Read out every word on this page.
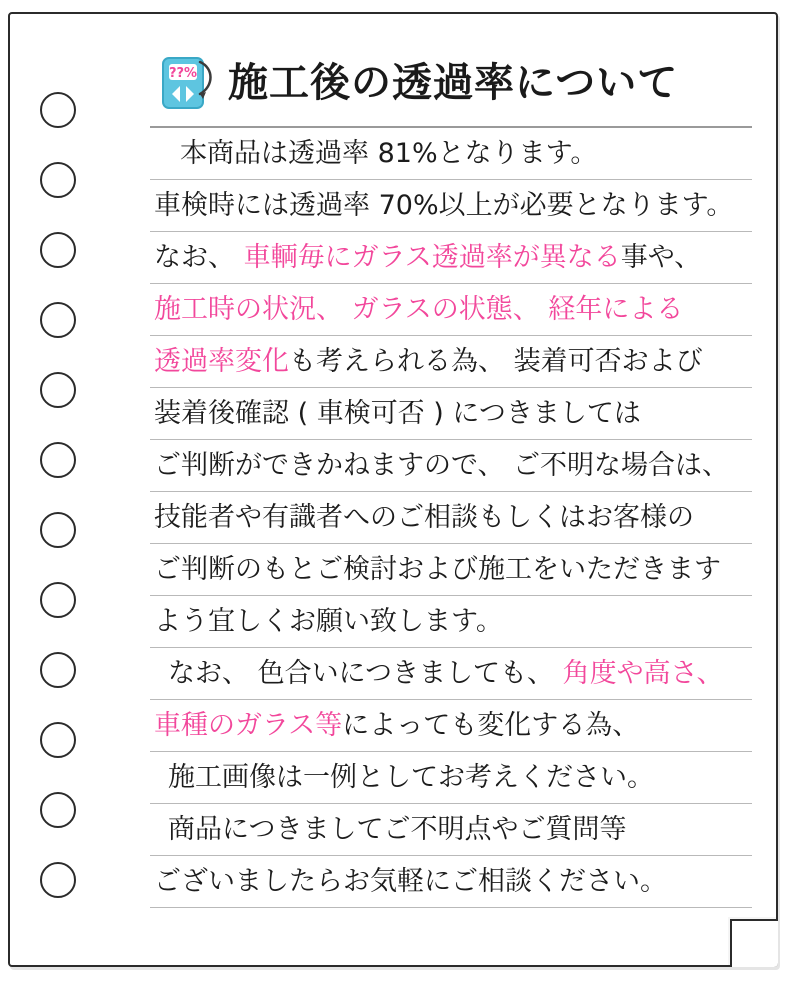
??% 施工後の透過率について
本商品は透過率 81%となります。
車検時には透過率 70%以上が必要となります。
なお、 車輌毎にガラス透過率が異なる事や、
施工時の状況、 ガラスの状態、 経年による
透過率変化も考えられる為、 装着可否および
装着後確認 ( 車検可否 ) につきましては
ご判断ができかねますので、 ご不明な場合は、
技能者や有識者へのご相談もしくはお客様の
ご判断のもとご検討および施工をいただきます
よう宜しくお願い致します。
なお、 色合いにつきましても、 角度や高さ、
車種のガラス等によっても変化する為、
施工画像は一例としてお考えください。
商品につきましてご不明点やご質問等
ございましたらお気軽にご相談ください。
